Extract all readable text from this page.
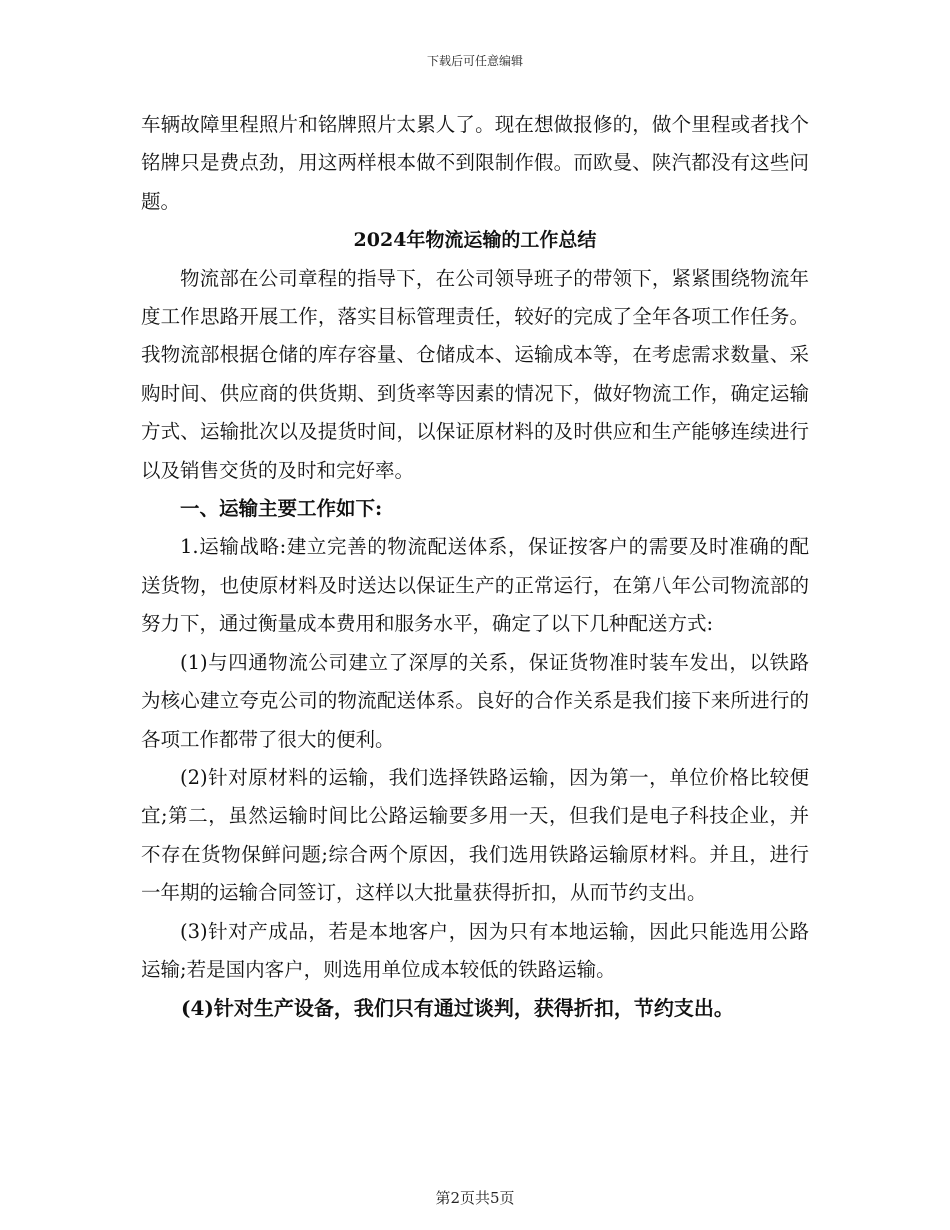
下载后可任意编辑

车辆故障里程照片和铭牌照片太累人了。现在想做报修的，做个里程或者找个铭牌只是费点劲，用这两样根本做不到限制作假。而欧曼、陕汽都没有这些问题。

2024年物流运输的工作总结

物流部在公司章程的指导下，在公司领导班子的带领下，紧紧围绕物流年度工作思路开展工作，落实目标管理责任，较好的完成了全年各项工作任务。我物流部根据仓储的库存容量、仓储成本、运输成本等，在考虑需求数量、采购时间、供应商的供货期、到货率等因素的情况下，做好物流工作，确定运输方式、运输批次以及提货时间，以保证原材料的及时供应和生产能够连续进行以及销售交货的及时和完好率。

一、运输主要工作如下:

1.运输战略:建立完善的物流配送体系，保证按客户的需要及时准确的配送货物，也使原材料及时送达以保证生产的正常运行，在第八年公司物流部的努力下，通过衡量成本费用和服务水平，确定了以下几种配送方式:

(1)与四通物流公司建立了深厚的关系，保证货物准时装车发出，以铁路为核心建立夸克公司的物流配送体系。良好的合作关系是我们接下来所进行的各项工作都带了很大的便利。

(2)针对原材料的运输，我们选择铁路运输，因为第一，单位价格比较便宜;第二，虽然运输时间比公路运输要多用一天，但我们是电子科技企业，并不存在货物保鲜问题;综合两个原因，我们选用铁路运输原材料。并且，进行一年期的运输合同签订，这样以大批量获得折扣，从而节约支出。

(3)针对产成品，若是本地客户，因为只有本地运输，因此只能选用公路运输;若是国内客户，则选用单位成本较低的铁路运输。

(4)针对生产设备，我们只有通过谈判，获得折扣，节约支出。

第2页共5页
